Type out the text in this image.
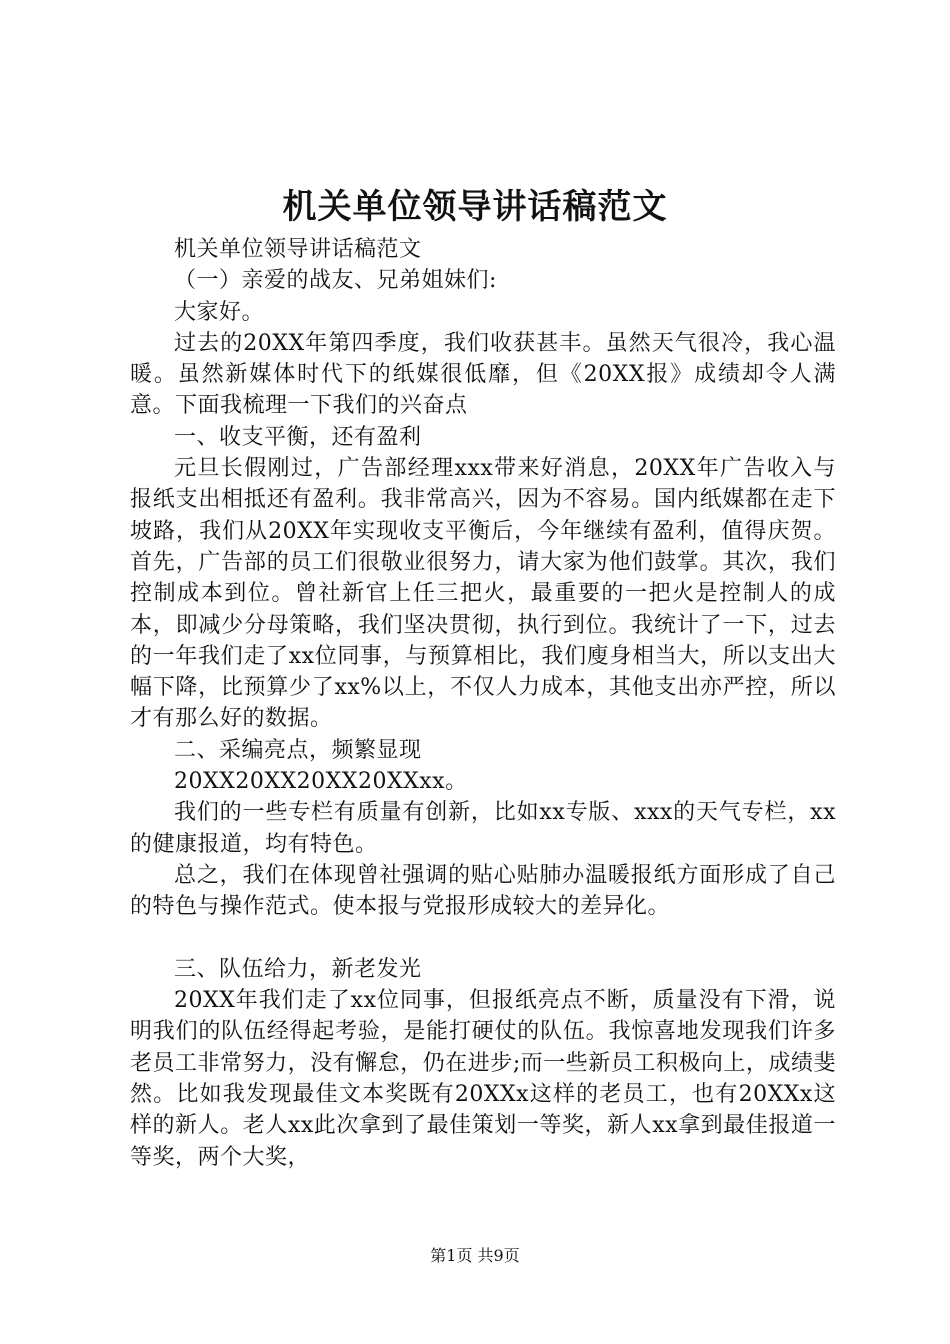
机关单位领导讲话稿范文

机关单位领导讲话稿范文

（一）亲爱的战友、兄弟姐妹们:

大家好。

过去的20XX年第四季度，我们收获甚丰。虽然天气很冷，我心温暖。虽然新媒体时代下的纸媒很低靡，但《20XX报》成绩却令人满意。下面我梳理一下我们的兴奋点

一、收支平衡，还有盈利

元旦长假刚过，广告部经理xxx带来好消息，20XX年广告收入与报纸支出相抵还有盈利。我非常高兴，因为不容易。国内纸媒都在走下坡路，我们从20XX年实现收支平衡后，今年继续有盈利，值得庆贺。首先，广告部的员工们很敬业很努力，请大家为他们鼓掌。其次，我们控制成本到位。曾社新官上任三把火，最重要的一把火是控制人的成本，即减少分母策略，我们坚决贯彻，执行到位。我统计了一下，过去的一年我们走了xx位同事，与预算相比，我们廋身相当大，所以支出大幅下降，比预算少了xx%以上，不仅人力成本，其他支出亦严控，所以才有那么好的数据。

二、采编亮点，频繁显现

20XX20XX20XX20XXxx。

我们的一些专栏有质量有创新，比如xx专版、xxx的天气专栏，xx的健康报道，均有特色。

总之，我们在体现曾社强调的贴心贴肺办温暖报纸方面形成了自己的特色与操作范式。使本报与党报形成较大的差异化。

三、队伍给力，新老发光

20XX年我们走了xx位同事，但报纸亮点不断，质量没有下滑，说明我们的队伍经得起考验，是能打硬仗的队伍。我惊喜地发现我们许多老员工非常努力，没有懈怠，仍在进步;而一些新员工积极向上，成绩斐然。比如我发现最佳文本奖既有20XXx这样的老员工，也有20XXx这样的新人。老人xx此次拿到了最佳策划一等奖，新人xx拿到最佳报道一等奖，两个大奖，

第1页 共9页
